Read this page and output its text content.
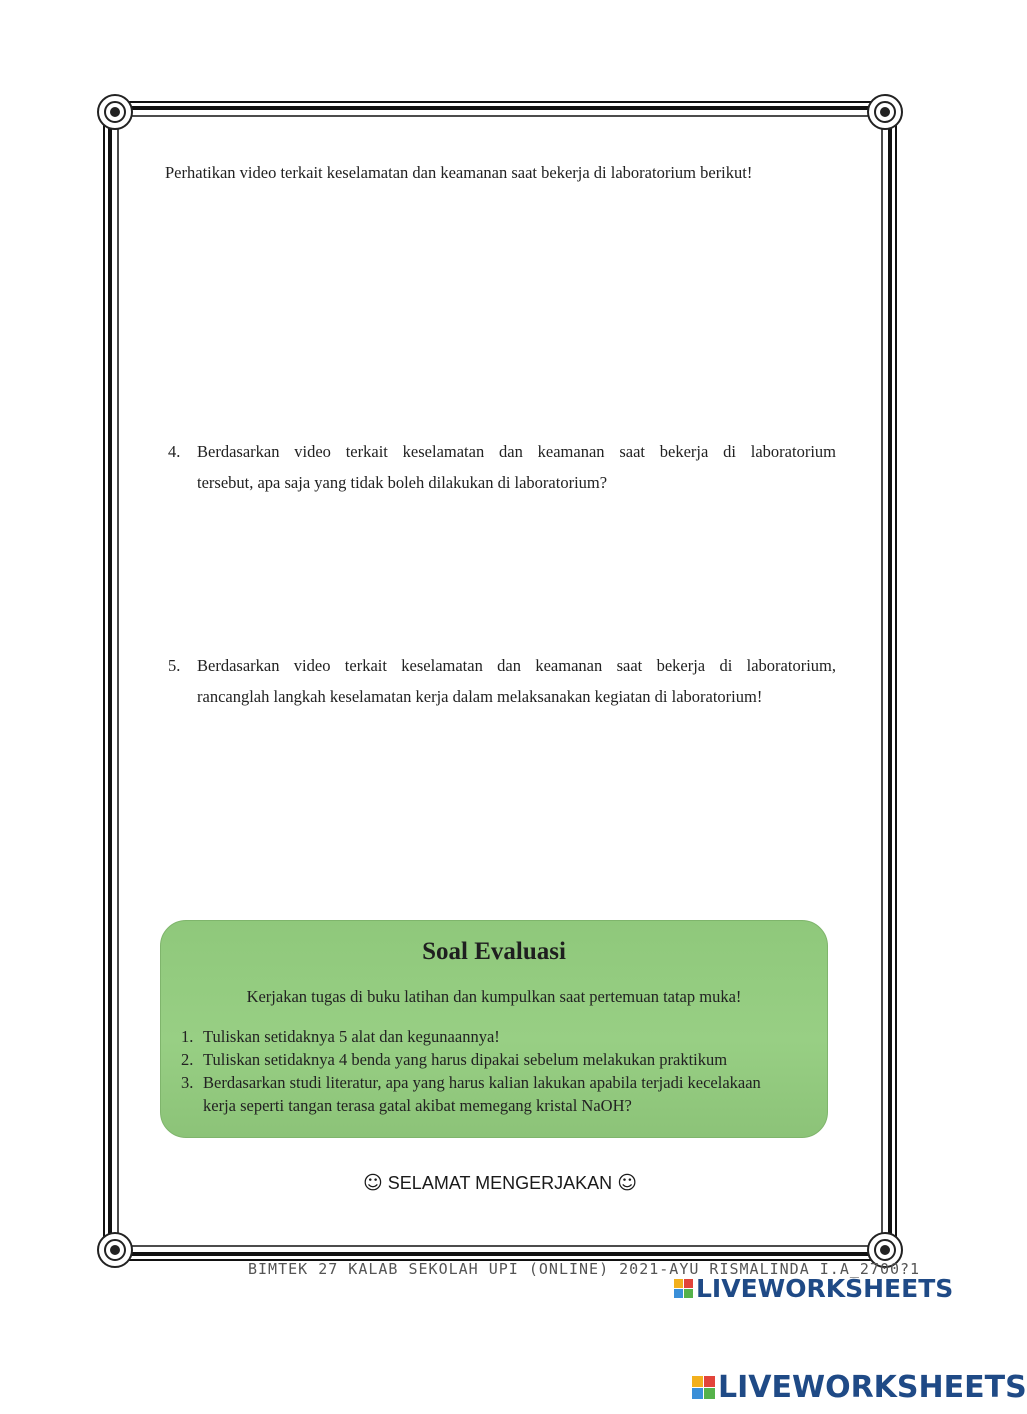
Perhatikan video terkait keselamatan dan keamanan saat bekerja di laboratorium berikut!
4. Berdasarkan video terkait keselamatan dan keamanan saat bekerja di laboratorium
tersebut, apa saja yang tidak boleh dilakukan di laboratorium?
5. Berdasarkan video terkait keselamatan dan keamanan saat bekerja di laboratorium,
rancanglah langkah keselamatan kerja dalam melaksanakan kegiatan di laboratorium!
Soal Evaluasi
Kerjakan tugas di buku latihan dan kumpulkan saat pertemuan tatap muka!
1. Tuliskan setidaknya 5 alat dan kegunaannya!
2. Tuliskan setidaknya 4 benda yang harus dipakai sebelum melakukan praktikum
3. Berdasarkan studi literatur, apa yang harus kalian lakukan apabila terjadi kecelakaan
kerja seperti tangan terasa gatal akibat memegang kristal NaOH?
☺ SELAMAT MENGERJAKAN ☺
BIMTEK 27 KALAB SEKOLAH UPI (ONLINE) 2021-AYU RISMALINDA I.A_2700?1
LIVEWORKSHEETS
LIVEWORKSHEETS
